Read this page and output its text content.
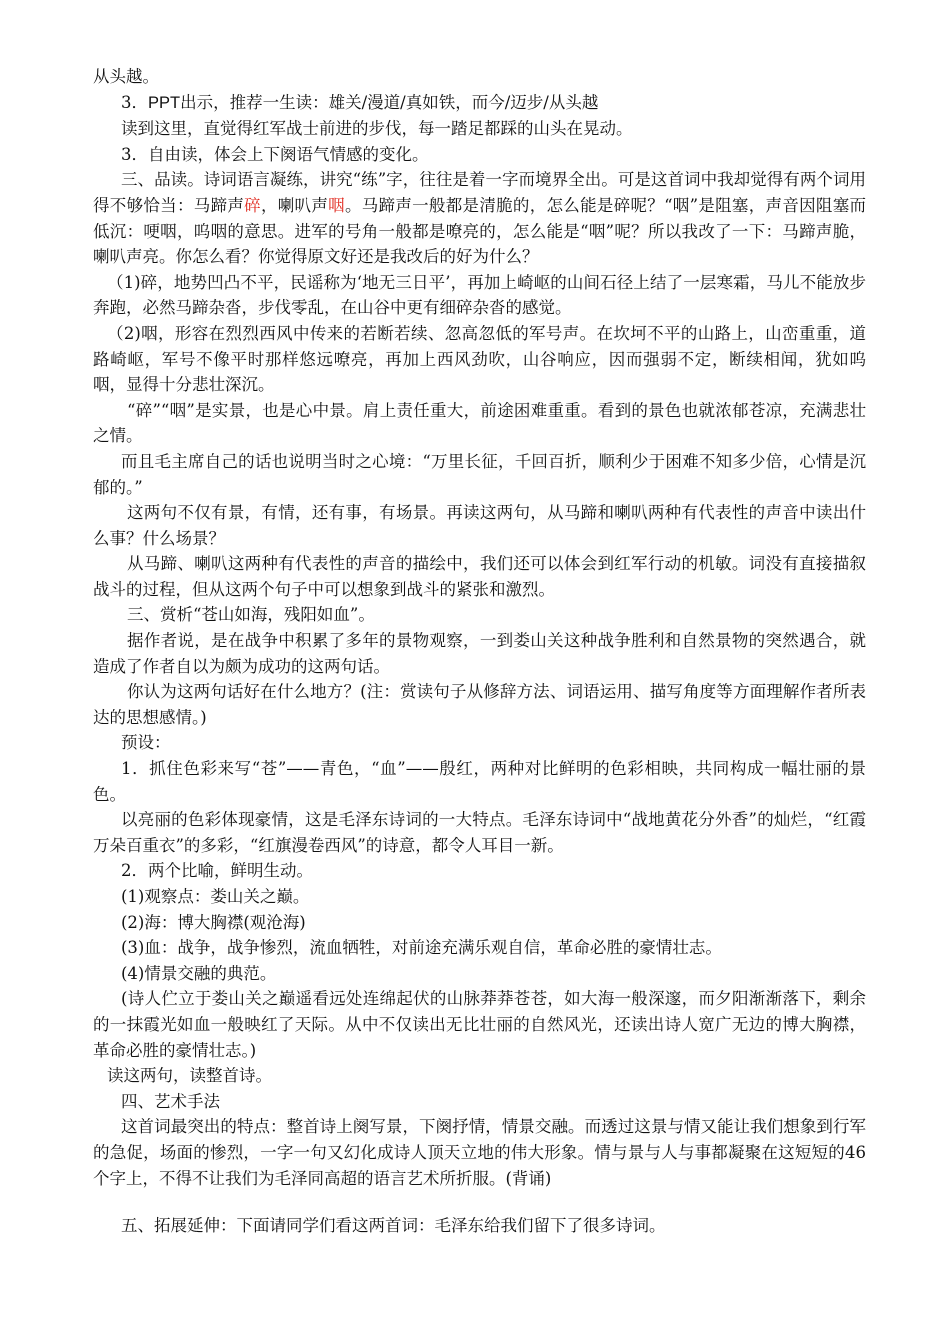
从头越。

3．PPT出示，推荐一生读：雄关/漫道/真如铁，而今/迈步/从头越

读到这里，直觉得红军战士前进的步伐，每一踏足都踩的山头在晃动。

3．自由读，体会上下阕语气情感的变化。

三、品读。诗词语言凝练，讲究“练”字，往往是着一字而境界全出。可是这首词中我却觉得有两个词用得不够恰当：马蹄声碎，喇叭声咽。马蹄声一般都是清脆的，怎么能是碎呢？“咽”是阻塞，声音因阻塞而低沉：哽咽，呜咽的意思。进军的号角一般都是嘹亮的，怎么能是“咽”呢？所以我改了一下：马蹄声脆，喇叭声亮。你怎么看？你觉得原文好还是我改后的好为什么？

（1)碎，地势凹凸不平，民谣称为‘地无三日平’，再加上崎岖的山间石径上结了一层寒霜，马儿不能放步奔跑，必然马蹄杂沓，步伐零乱，在山谷中更有细碎杂沓的感觉。

（2)咽，形容在烈烈西风中传来的若断若续、忽高忽低的军号声。在坎坷不平的山路上，山峦重重，道路崎岖，军号不像平时那样悠远嘹亮，再加上西风劲吹，山谷响应，因而强弱不定，断续相闻，犹如呜咽，显得十分悲壮深沉。

“碎”“咽”是实景，也是心中景。肩上责任重大，前途困难重重。看到的景色也就浓郁苍凉，充满悲壮之情。

而且毛主席自己的话也说明当时之心境：“万里长征，千回百折，顺利少于困难不知多少倍，心情是沉郁的。”

这两句不仅有景，有情，还有事，有场景。再读这两句，从马蹄和喇叭两种有代表性的声音中读出什么事？什么场景？

从马蹄、喇叭这两种有代表性的声音的描绘中，我们还可以体会到红军行动的机敏。词没有直接描叙战斗的过程，但从这两个句子中可以想象到战斗的紧张和激烈。

三、赏析“苍山如海，残阳如血”。

据作者说，是在战争中积累了多年的景物观察，一到娄山关这种战争胜利和自然景物的突然遇合，就造成了作者自以为颇为成功的这两句话。

你认为这两句话好在什么地方？(注：赏读句子从修辞方法、词语运用、描写角度等方面理解作者所表达的思想感情。)

预设：

1．抓住色彩来写“苍”——青色，“血”——殷红，两种对比鲜明的色彩相映，共同构成一幅壮丽的景色。

以亮丽的色彩体现豪情，这是毛泽东诗词的一大特点。毛泽东诗词中“战地黄花分外香”的灿烂，“红霞万朵百重衣”的多彩，“红旗漫卷西风”的诗意，都令人耳目一新。

2．两个比喻，鲜明生动。

(1)观察点：娄山关之巅。

(2)海：博大胸襟(观沧海)

(3)血：战争，战争惨烈，流血牺牲，对前途充满乐观自信，革命必胜的豪情壮志。

(4)情景交融的典范。

(诗人伫立于娄山关之巅遥看远处连绵起伏的山脉莽莽苍苍，如大海一般深邃，而夕阳渐渐落下，剩余的一抹霞光如血一般映红了天际。从中不仅读出无比壮丽的自然风光，还读出诗人宽广无边的博大胸襟，革命必胜的豪情壮志。)

读这两句，读整首诗。

四、艺术手法

这首词最突出的特点：整首诗上阕写景，下阕抒情，情景交融。而透过这景与情又能让我们想象到行军的急促，场面的惨烈，一字一句又幻化成诗人顶天立地的伟大形象。情与景与人与事都凝聚在这短短的46个字上，不得不让我们为毛泽同高超的语言艺术所折服。(背诵)

五、拓展延伸：下面请同学们看这两首词：毛泽东给我们留下了很多诗词。
